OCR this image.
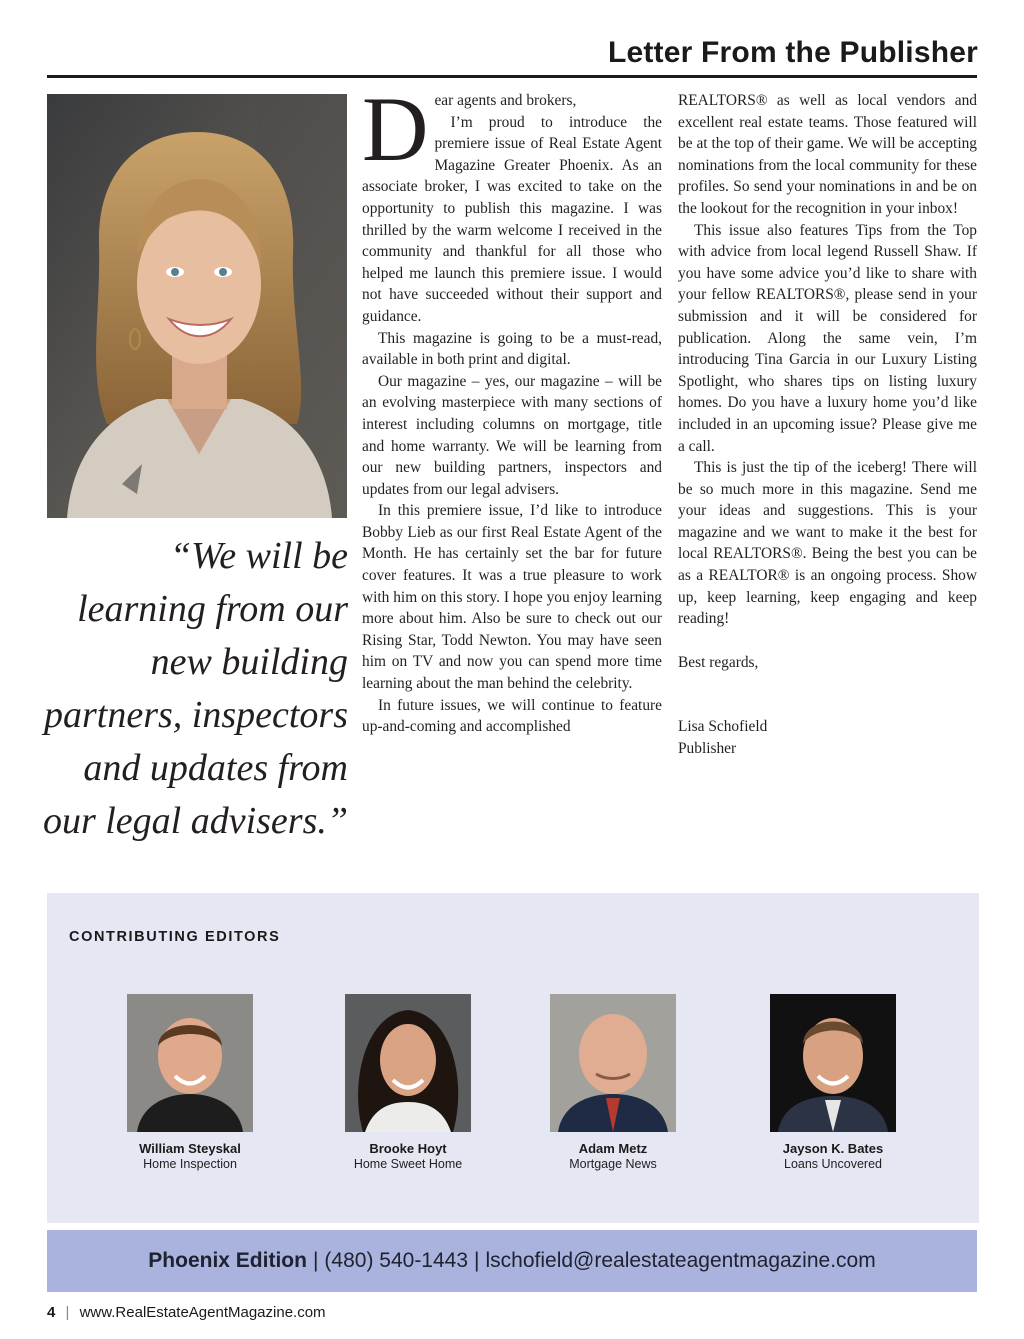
Letter From the Publisher

“We will be learning from our new building partners, inspectors and updates from our legal advisers.”

D ear agents and brokers,

I’m proud to introduce the premiere issue of Real Estate Agent Magazine Greater Phoenix. As an associate broker, I was excited to take on the opportunity to publish this magazine. I was thrilled by the warm welcome I received in the community and thankful for all those who helped me launch this premiere issue. I would not have succeeded without their support and guidance.

This magazine is going to be a must-read, available in both print and digital.

Our magazine – yes, our magazine – will be an evolving masterpiece with many sections of interest including columns on mortgage, title and home warranty. We will be learning from our new building partners, inspectors and updates from our legal advisers.

In this premiere issue, I’d like to introduce Bobby Lieb as our first Real Estate Agent of the Month. He has certainly set the bar for future cover features. It was a true pleasure to work with him on this story. I hope you enjoy learning more about him. Also be sure to check out our Rising Star, Todd Newton. You may have seen him on TV and now you can spend more time learning about the man behind the celebrity.

In future issues, we will continue to feature up-and-coming and accomplished

REALTORS® as well as local vendors and excellent real estate teams. Those featured will be at the top of their game. We will be accepting nominations from the local community for these profiles. So send your nominations in and be on the lookout for the recognition in your inbox!

This issue also features Tips from the Top with advice from local legend Russell Shaw. If you have some advice you’d like to share with your fellow REALTORS®, please send in your submission and it will be considered for publication. Along the same vein, I’m introducing Tina Garcia in our Luxury Listing Spotlight, who shares tips on listing luxury homes. Do you have a luxury home you’d like included in an upcoming issue? Please give me a call.

This is just the tip of the iceberg! There will be so much more in this magazine. Send me your ideas and suggestions. This is your magazine and we want to make it the best for local REALTORS®. Being the best you can be as a REALTOR® is an ongoing process. Show up, keep learning, keep engaging and keep reading!

Best regards,

Lisa Schofield

Publisher

CONTRIBUTING EDITORS
William Steyskal
Home Inspection
Brooke Hoyt
Home Sweet Home
Adam Metz
Mortgage News
Jayson K. Bates
Loans Uncovered
Phoenix Edition | (480) 540-1443 | lschofield@realestateagentmagazine.com
4 | www.RealEstateAgentMagazine.com
